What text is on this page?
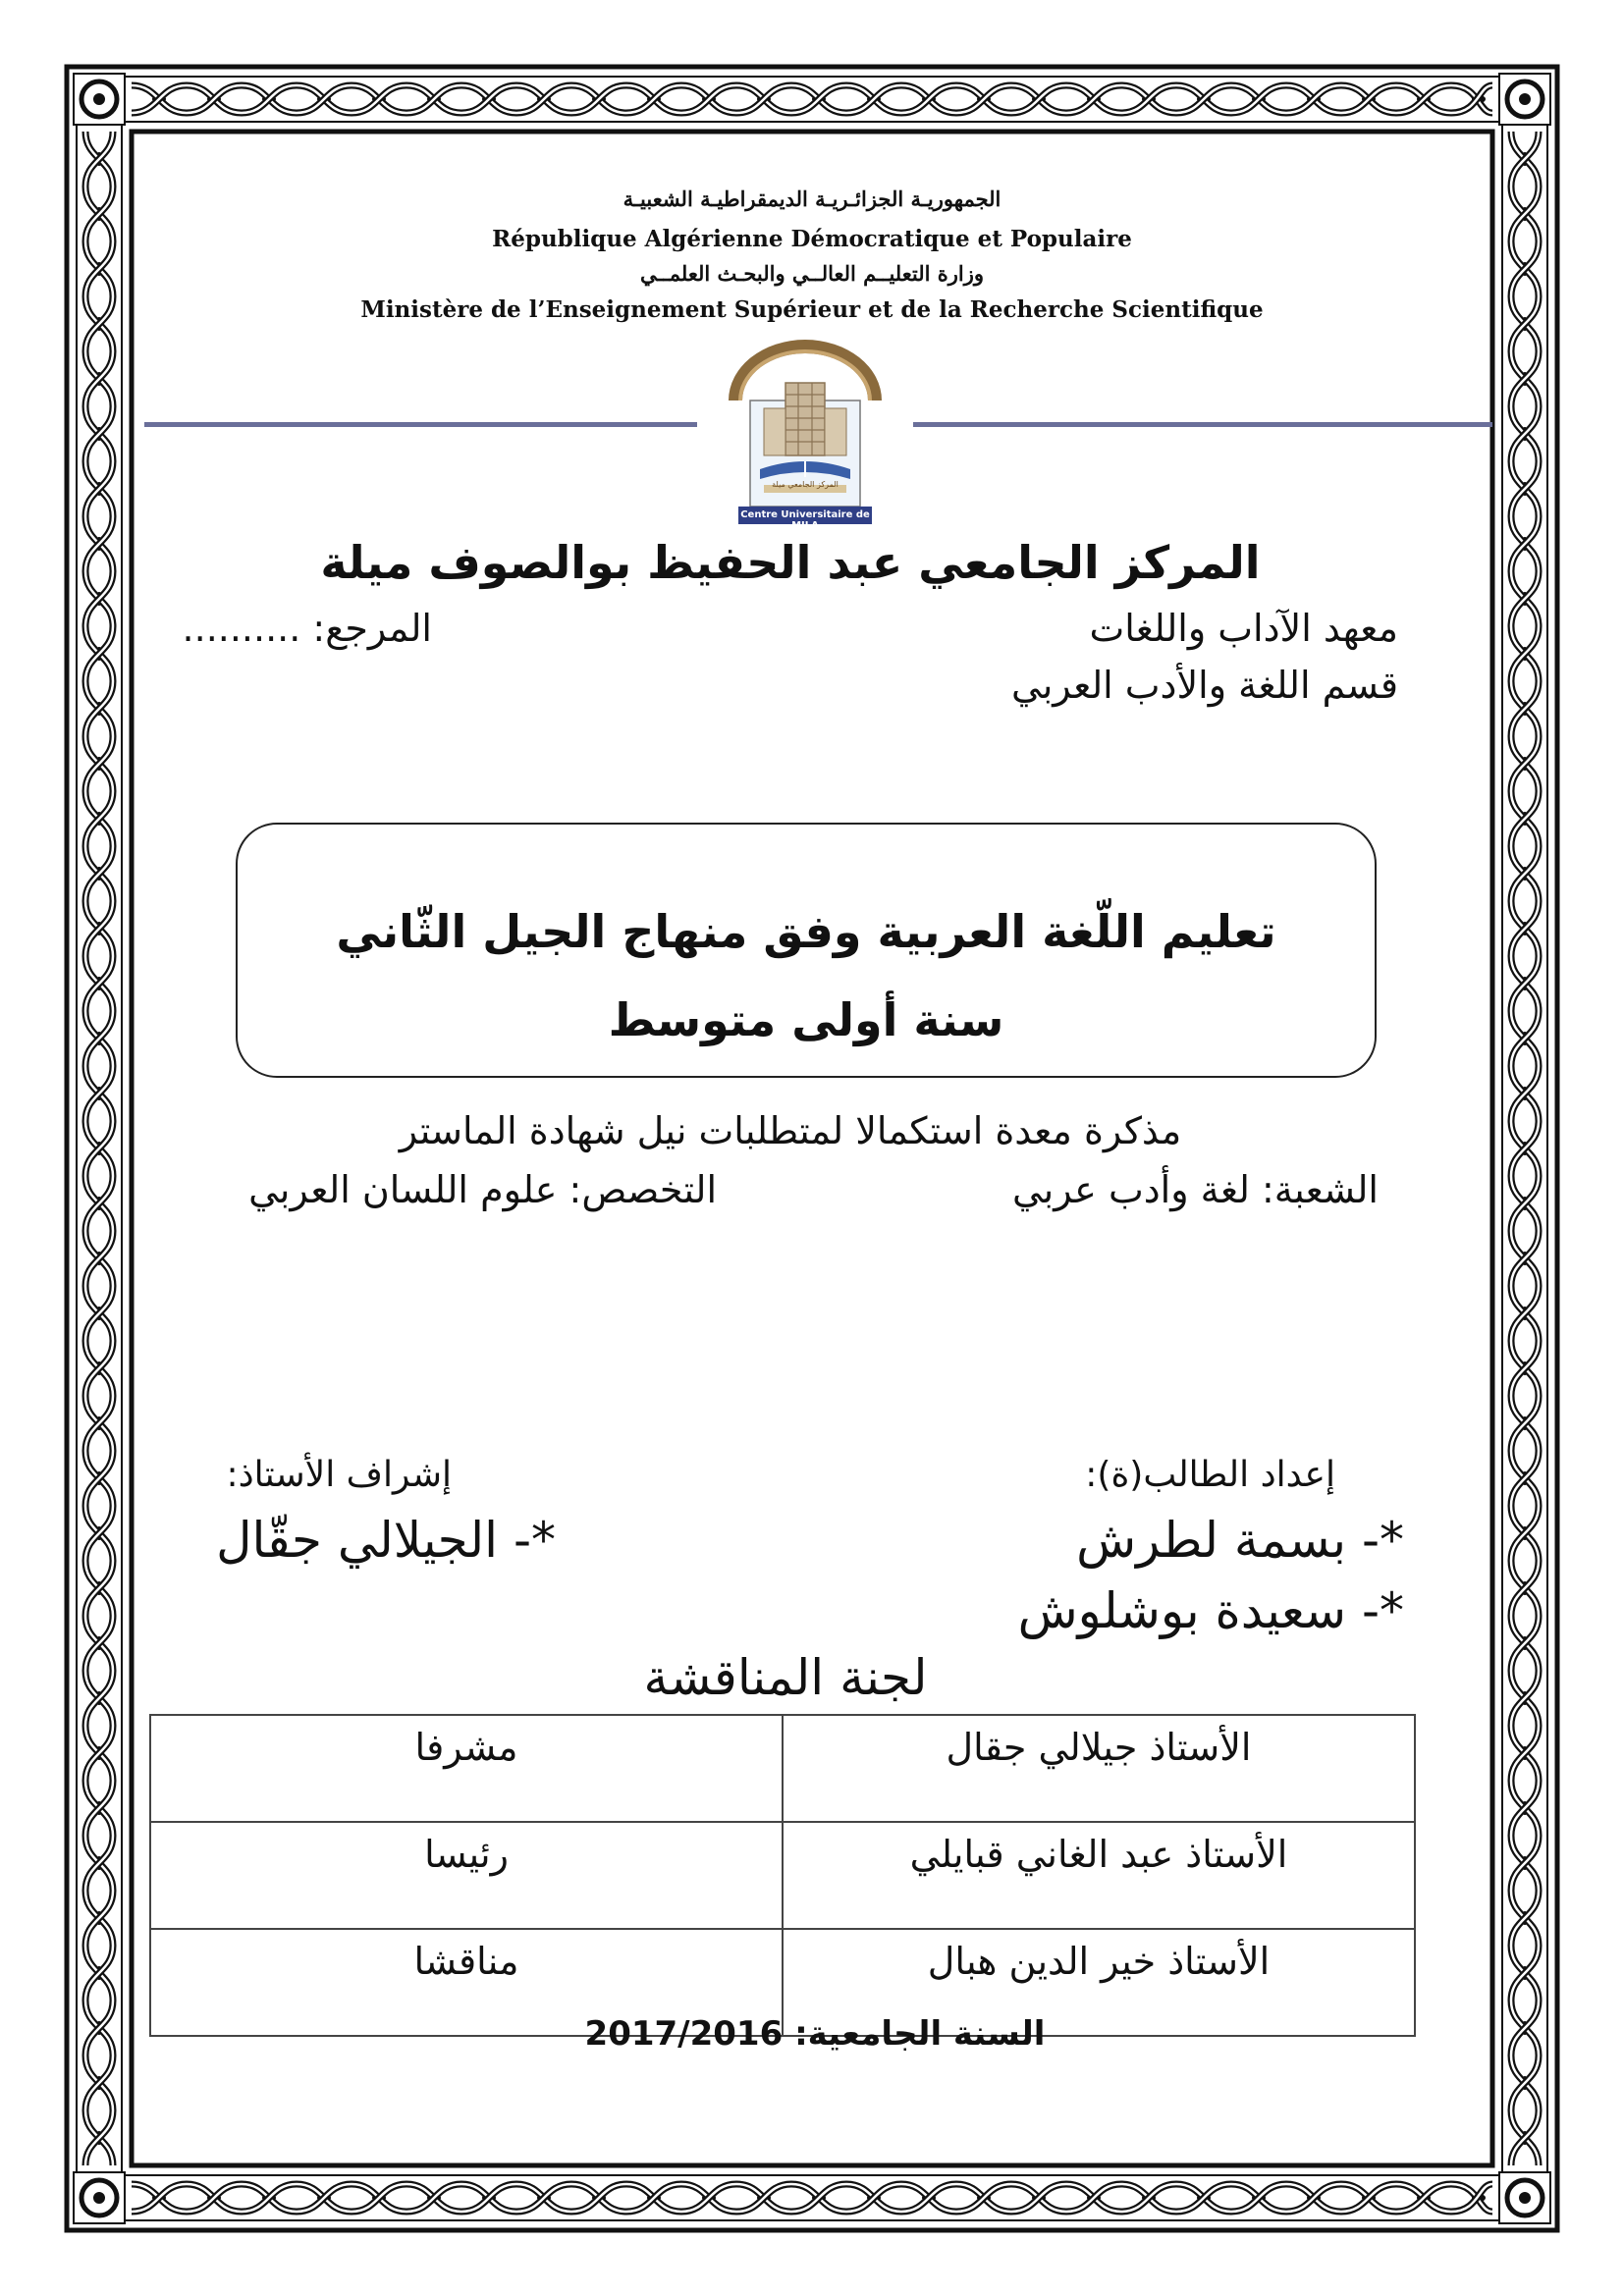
الجمهوريـة الجزائـريـة الديمقراطيـة الشعبيـة
République Algérienne Démocratique et Populaire
وزارة التعليــم العالــي والبحـث العلمــي
Ministère de l’Enseignement Supérieur et de la Recherche Scientifique
المركز الجامعي ميلة
Centre Universitaire de MILA
المركز الجامعي عبد الحفيظ بوالصوف ميلة
معهد الآداب واللغات
المرجع: ..........
قسم اللغة والأدب العربي
تعليم اللّغة العربية وفق منهاج الجيل الثّاني
سنة أولى متوسط
مذكرة معدة استكمالا لمتطلبات نيل شهادة الماستر
الشعبة: لغة وأدب عربي
التخصص: علوم اللسان العربي
إعداد الطالب(ة):
*- بسمة لطرش
*- سعيدة بوشلوش
إشراف الأستاذ:
*- الجيلالي جقّال
لجنة المناقشة
الأستاذ جيلالي جقال	مشرفا
الأستاذ عبد الغاني قبايلي	رئيسا
الأستاذ خير الدين هبال	مناقشا
السنة الجامعية: 2017/2016
